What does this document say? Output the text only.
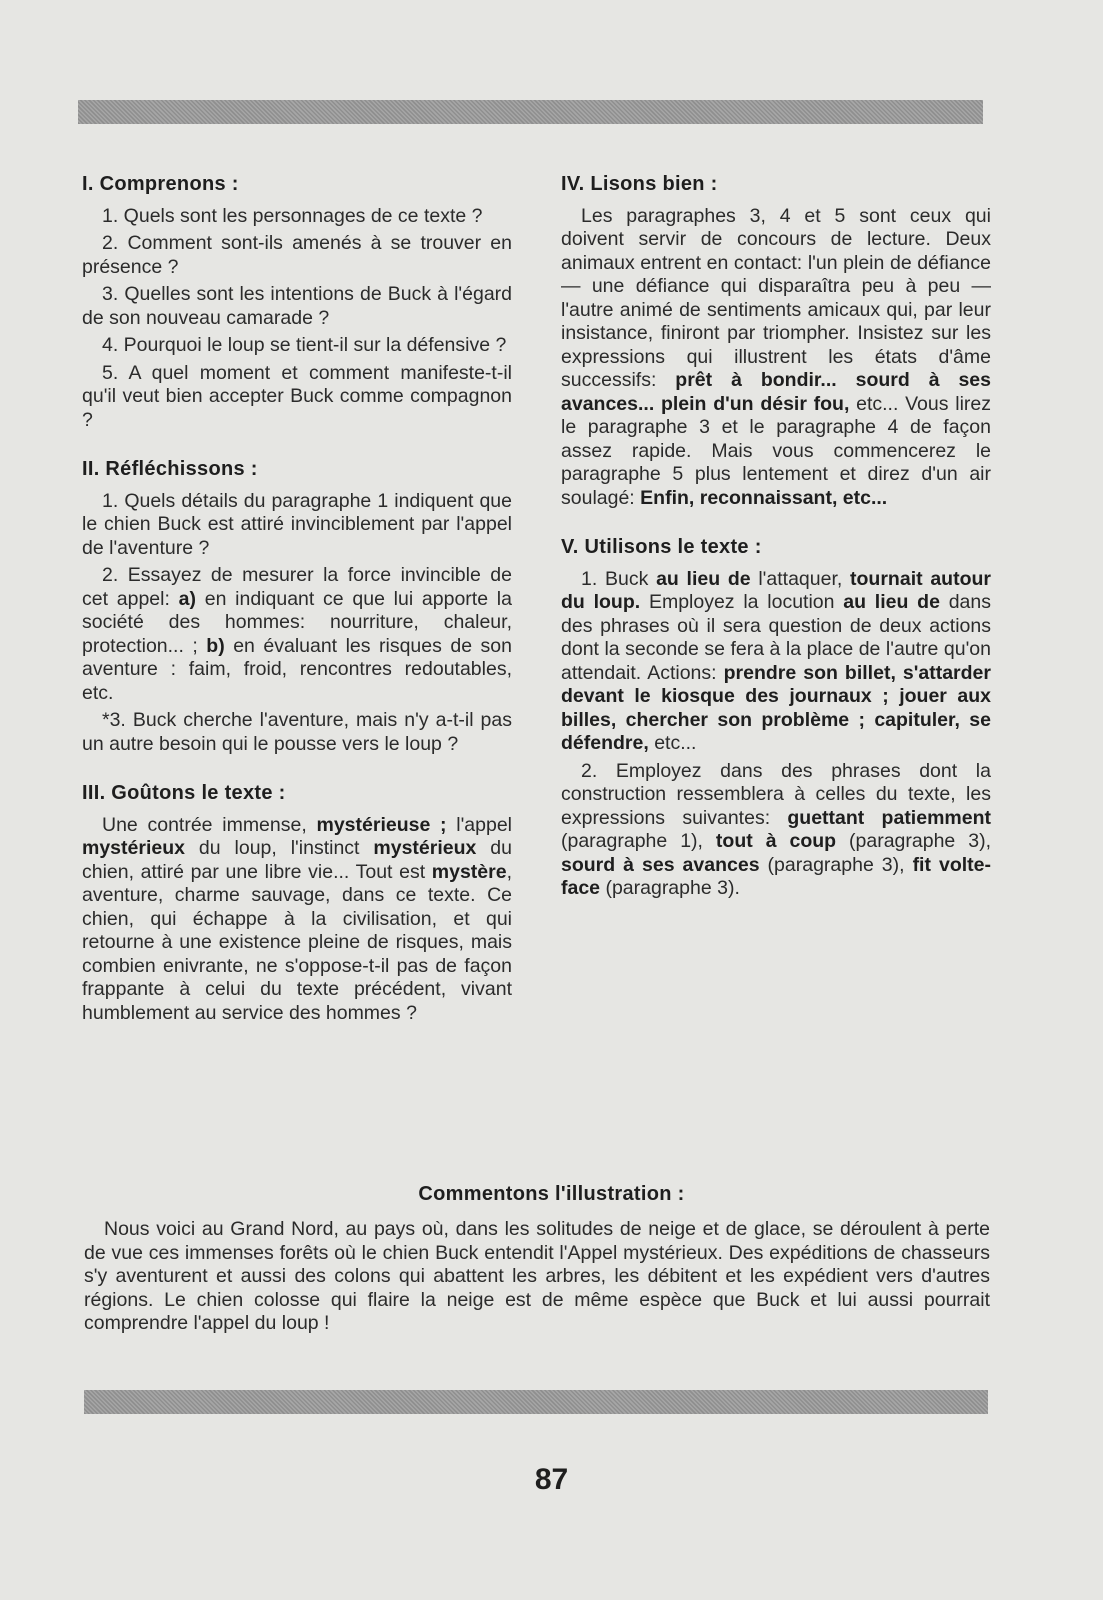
I. Comprenons :

1. Quels sont les personnages de ce texte ?

2. Comment sont-ils amenés à se trouver en présence ?

3. Quelles sont les intentions de Buck à l'égard de son nouveau camarade ?

4. Pourquoi le loup se tient-il sur la défensive ?

5. A quel moment et comment manifeste-t-il qu'il veut bien accepter Buck comme compagnon ?

II. Réfléchissons :

1. Quels détails du paragraphe 1 indiquent que le chien Buck est attiré invinciblement par l'appel de l'aventure ?

2. Essayez de mesurer la force invincible de cet appel: a) en indiquant ce que lui apporte la société des hommes: nourriture, chaleur, protection... ; b) en évaluant les risques de son aventure : faim, froid, rencontres redoutables, etc.

*3. Buck cherche l'aventure, mais n'y a-t-il pas un autre besoin qui le pousse vers le loup ?

III. Goûtons le texte :

Une contrée immense, mystérieuse ; l'appel mystérieux du loup, l'instinct mystérieux du chien, attiré par une libre vie... Tout est mystère, aventure, charme sauvage, dans ce texte. Ce chien, qui échappe à la civilisation, et qui retourne à une existence pleine de risques, mais combien enivrante, ne s'oppose-t-il pas de façon frappante à celui du texte précédent, vivant humblement au service des hommes ?

IV. Lisons bien :

Les paragraphes 3, 4 et 5 sont ceux qui doivent servir de concours de lecture. Deux animaux entrent en contact: l'un plein de défiance — une défiance qui disparaîtra peu à peu — l'autre animé de sentiments amicaux qui, par leur insistance, finiront par triompher. Insistez sur les expressions qui illustrent les états d'âme successifs: prêt à bondir... sourd à ses avances... plein d'un désir fou, etc... Vous lirez le paragraphe 3 et le paragraphe 4 de façon assez rapide. Mais vous commencerez le paragraphe 5 plus lentement et direz d'un air soulagé: Enfin, reconnaissant, etc...

V. Utilisons le texte :

1. Buck au lieu de l'attaquer, tournait autour du loup. Employez la locution au lieu de dans des phrases où il sera question de deux actions dont la seconde se fera à la place de l'autre qu'on attendait. Actions: prendre son billet, s'attarder devant le kiosque des journaux ; jouer aux billes, chercher son problème ; capituler, se défendre, etc...

2. Employez dans des phrases dont la construction ressemblera à celles du texte, les expressions suivantes: guettant patiemment (paragraphe 1), tout à coup (paragraphe 3), sourd à ses avances (paragraphe 3), fit volte-face (paragraphe 3).

Commentons l'illustration :

Nous voici au Grand Nord, au pays où, dans les solitudes de neige et de glace, se déroulent à perte de vue ces immenses forêts où le chien Buck entendit l'Appel mystérieux. Des expéditions de chasseurs s'y aventurent et aussi des colons qui abattent les arbres, les débitent et les expédient vers d'autres régions. Le chien colosse qui flaire la neige est de même espèce que Buck et lui aussi pourrait comprendre l'appel du loup !

87
